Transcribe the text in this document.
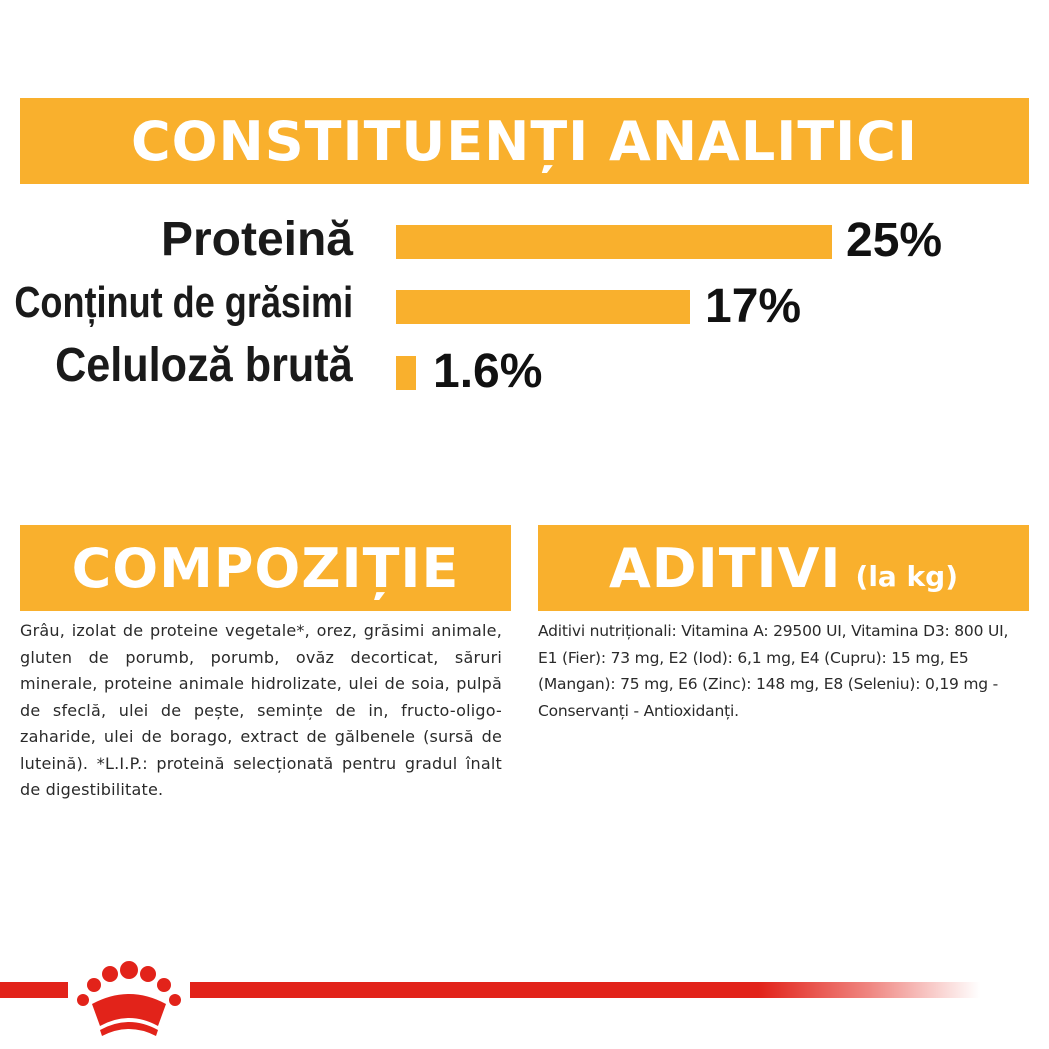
CONSTITUENȚI ANALITICI
Proteină	25%
Conținut de grăsimi	17%
Celuloză brută 1.6%
COMPOZIȚIE
Grâu, izolat de proteine vegetale*, orez, grăsimi animale, gluten de porumb, porumb, ovăz decorticat, săruri minerale, proteine animale hidrolizate, ulei de soia, pulpă de sfeclă, ulei de pește, semințe de in, fructo-oligo-zaharide, ulei de borago, extract de gălbenele (sursă de luteină). *L.I.P.: proteină selecționată pentru gradul înalt de digestibilitate.
ADITIVI (la kg)
Aditivi nutriționali: Vitamina A: 29500 UI, Vitamina D3: 800 UI, E1 (Fier): 73 mg, E2 (Iod): 6,1 mg, E4 (Cupru): 15 mg, E5 (Mangan): 75 mg, E6 (Zinc): 148 mg, E8 (Seleniu): 0,19 mg - Conservanți - Antioxidanți.
